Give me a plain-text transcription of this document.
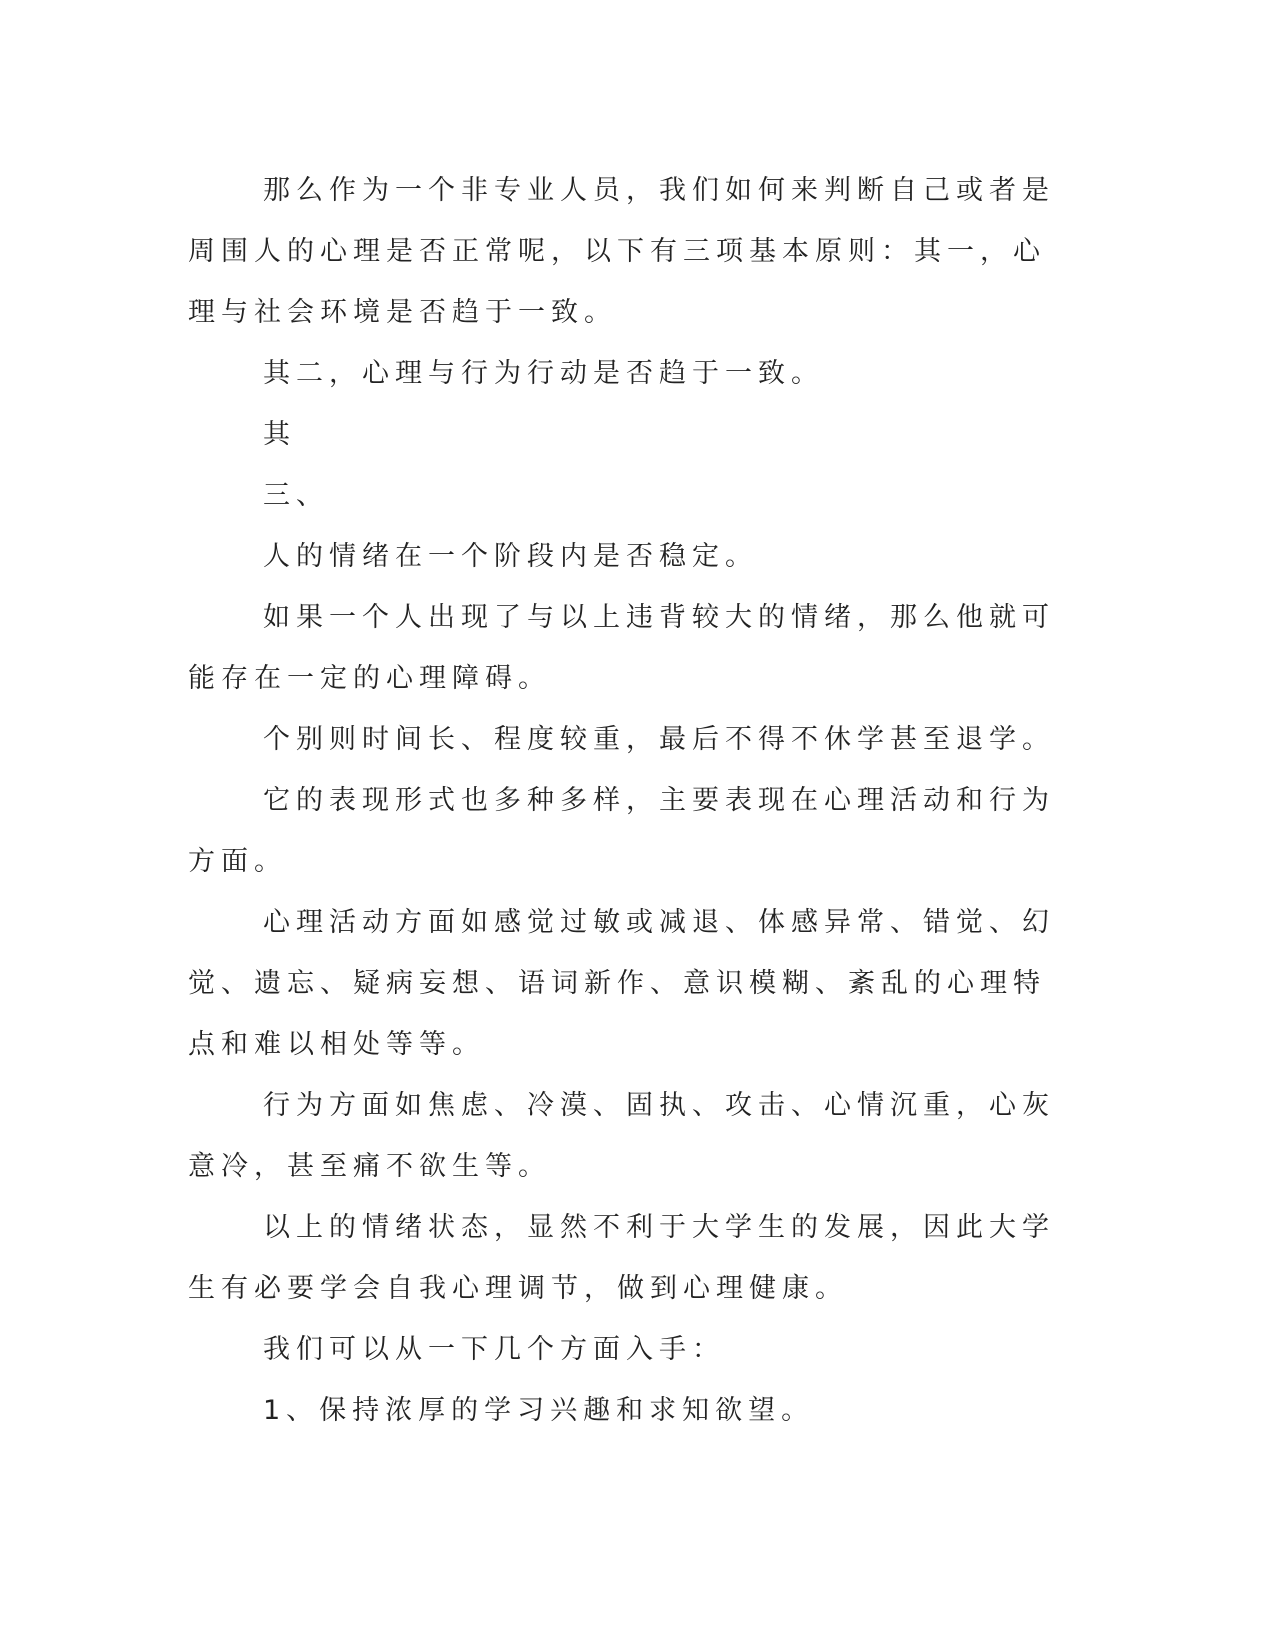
那么作为一个非专业人员，我们如何来判断自己或者是周围人的心理是否正常呢，以下有三项基本原则：其一，心理与社会环境是否趋于一致。

其二，心理与行为行动是否趋于一致。

其

三、

人的情绪在一个阶段内是否稳定。

如果一个人出现了与以上违背较大的情绪，那么他就可能存在一定的心理障碍。

个别则时间长、程度较重，最后不得不休学甚至退学。

它的表现形式也多种多样，主要表现在心理活动和行为方面。

心理活动方面如感觉过敏或减退、体感异常、错觉、幻觉、遗忘、疑病妄想、语词新作、意识模糊、紊乱的心理特点和难以相处等等。

行为方面如焦虑、冷漠、固执、攻击、心情沉重，心灰意冷，甚至痛不欲生等。

以上的情绪状态，显然不利于大学生的发展，因此大学生有必要学会自我心理调节，做到心理健康。

我们可以从一下几个方面入手：

1、保持浓厚的学习兴趣和求知欲望。
